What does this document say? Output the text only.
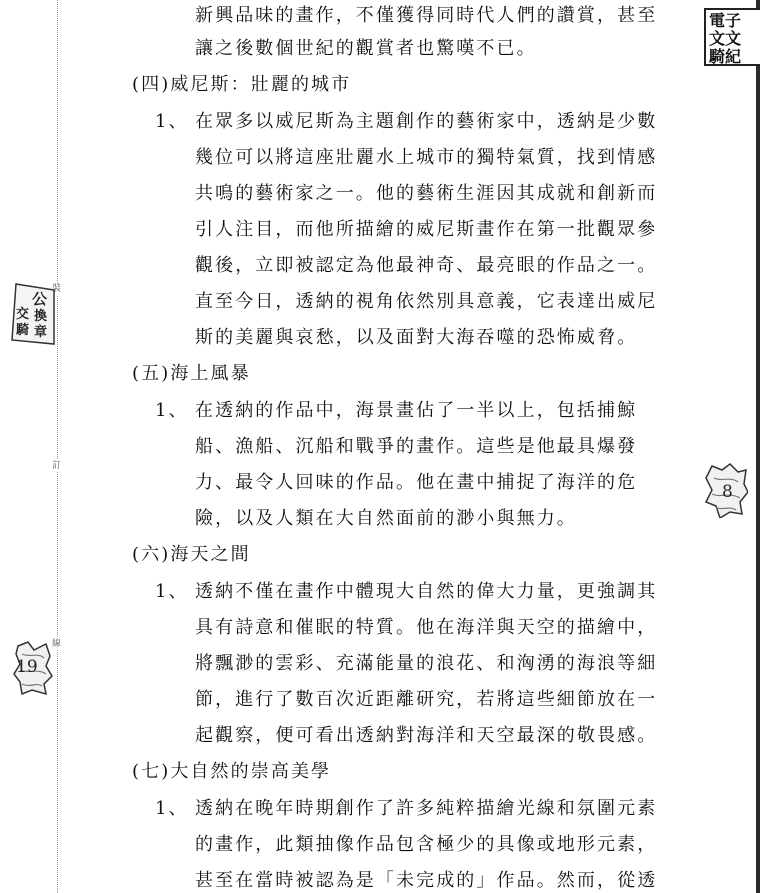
裝
訂
線
電子
文文
騎紀
公
換
交
騎 章
19
8
新興品味的畫作，不僅獲得同時代人們的讚賞，甚至
讓之後數個世紀的觀賞者也驚嘆不已。
(四)威尼斯：壯麗的城市
1、 在眾多以威尼斯為主題創作的藝術家中，透納是少數
幾位可以將這座壯麗水上城市的獨特氣質，找到情感
共鳴的藝術家之一。他的藝術生涯因其成就和創新而
引人注目，而他所描繪的威尼斯畫作在第一批觀眾參
觀後，立即被認定為他最神奇、最亮眼的作品之一。
直至今日，透納的視角依然別具意義，它表達出威尼
斯的美麗與哀愁，以及面對大海吞噬的恐怖威脅。
(五)海上風暴
1、 在透納的作品中，海景畫佔了一半以上，包括捕鯨
船、漁船、沉船和戰爭的畫作。這些是他最具爆發
力、最令人回味的作品。他在畫中捕捉了海洋的危
險，以及人類在大自然面前的渺小與無力。
(六)海天之間
1、 透納不僅在畫作中體現大自然的偉大力量，更強調其
具有詩意和催眠的特質。他在海洋與天空的描繪中，
將飄渺的雲彩、充滿能量的浪花、和洶湧的海浪等細
節，進行了數百次近距離研究，若將這些細節放在一
起觀察，便可看出透納對海洋和天空最深的敬畏感。
(七)大自然的崇高美學
1、 透納在晚年時期創作了許多純粹描繪光線和氛圍元素
的畫作，此類抽像作品包含極少的具像或地形元素，
甚至在當時被認為是「未完成的」作品。然而，從透
